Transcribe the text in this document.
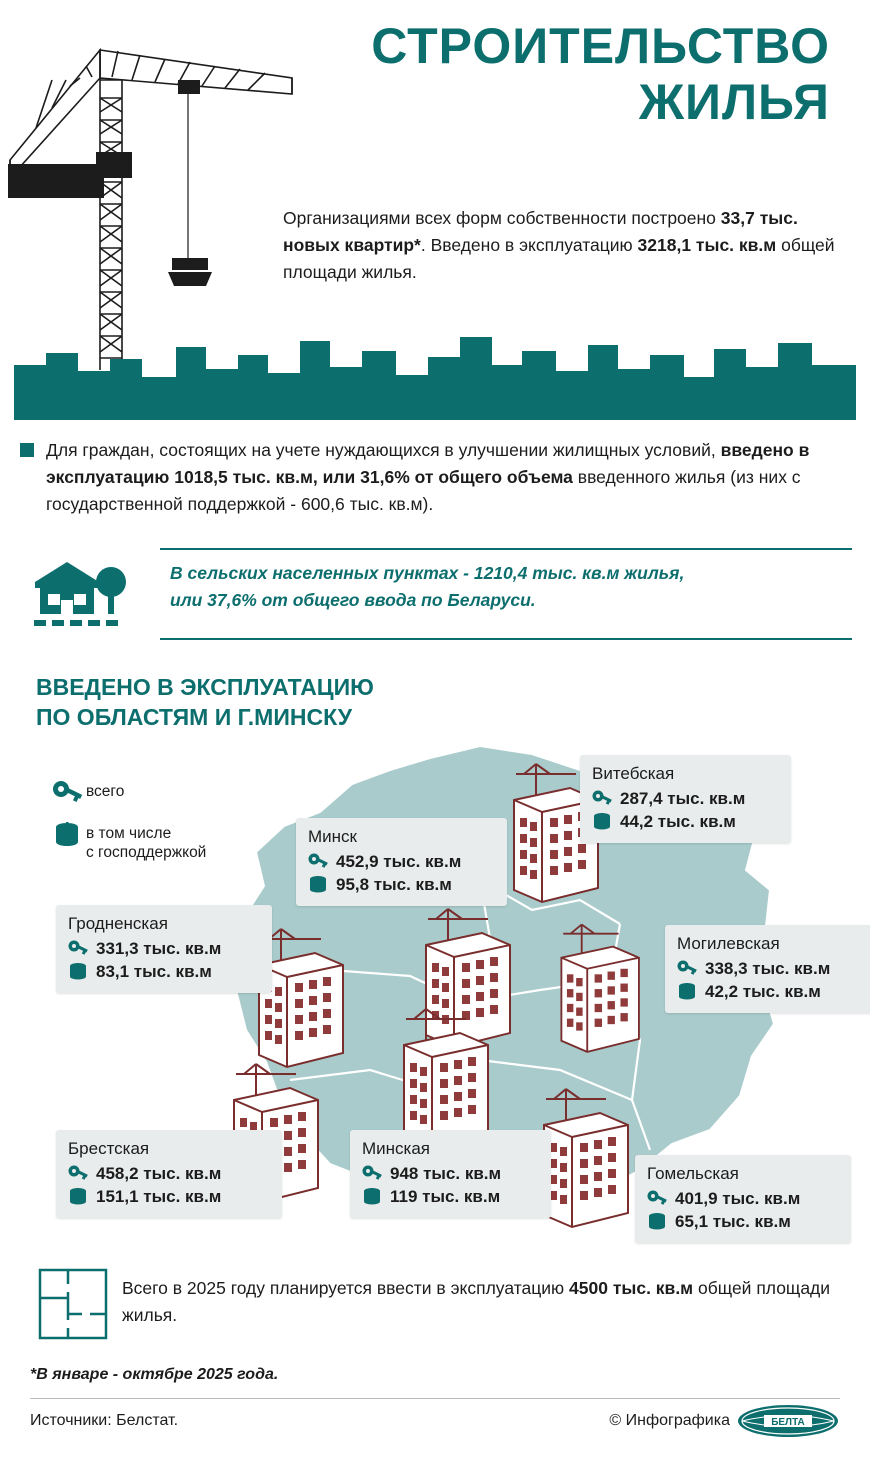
СТРОИТЕЛЬСТВО
ЖИЛЬЯ
Организациями всех форм собственности построено 33,7 тыс. новых квартир*. Введено в эксплуатацию 3218,1 тыс. кв.м общей площади жилья.
Для граждан, состоящих на учете нуждающихся в улучшении жилищных условий, введено в эксплуатацию 1018,5 тыс. кв.м, или 31,6% от общего объема введенного жилья (из них с государственной поддержкой - 600,6 тыс. кв.м).
В сельских населенных пунктах - 1210,4 тыс. кв.м жилья,
или 37,6% от общего ввода по Беларуси.
ВВЕДЕНО В ЭКСПЛУАТАЦИЮ
ПО ОБЛАСТЯМ И Г.МИНСКУ
всего
в том числе
с господдержкой
Витебская
287,4 тыс. кв.м
44,2 тыс. кв.м
Минск
452,9 тыс. кв.м
95,8 тыс. кв.м
Гродненская
331,3 тыс. кв.м
83,1 тыс. кв.м
Могилевская
338,3 тыс. кв.м
42,2 тыс. кв.м
Брестская
458,2 тыс. кв.м
151,1 тыс. кв.м
Минская
948 тыс. кв.м
119 тыс. кв.м
Гомельская
401,9 тыс. кв.м
65,1 тыс. кв.м
Всего в 2025 году планируется ввести в эксплуатацию 4500 тыс. кв.м общей площади жилья.
*В январе - октябре 2025 года.
Источники: Белстат.	© Инфографика	БЕЛТА
